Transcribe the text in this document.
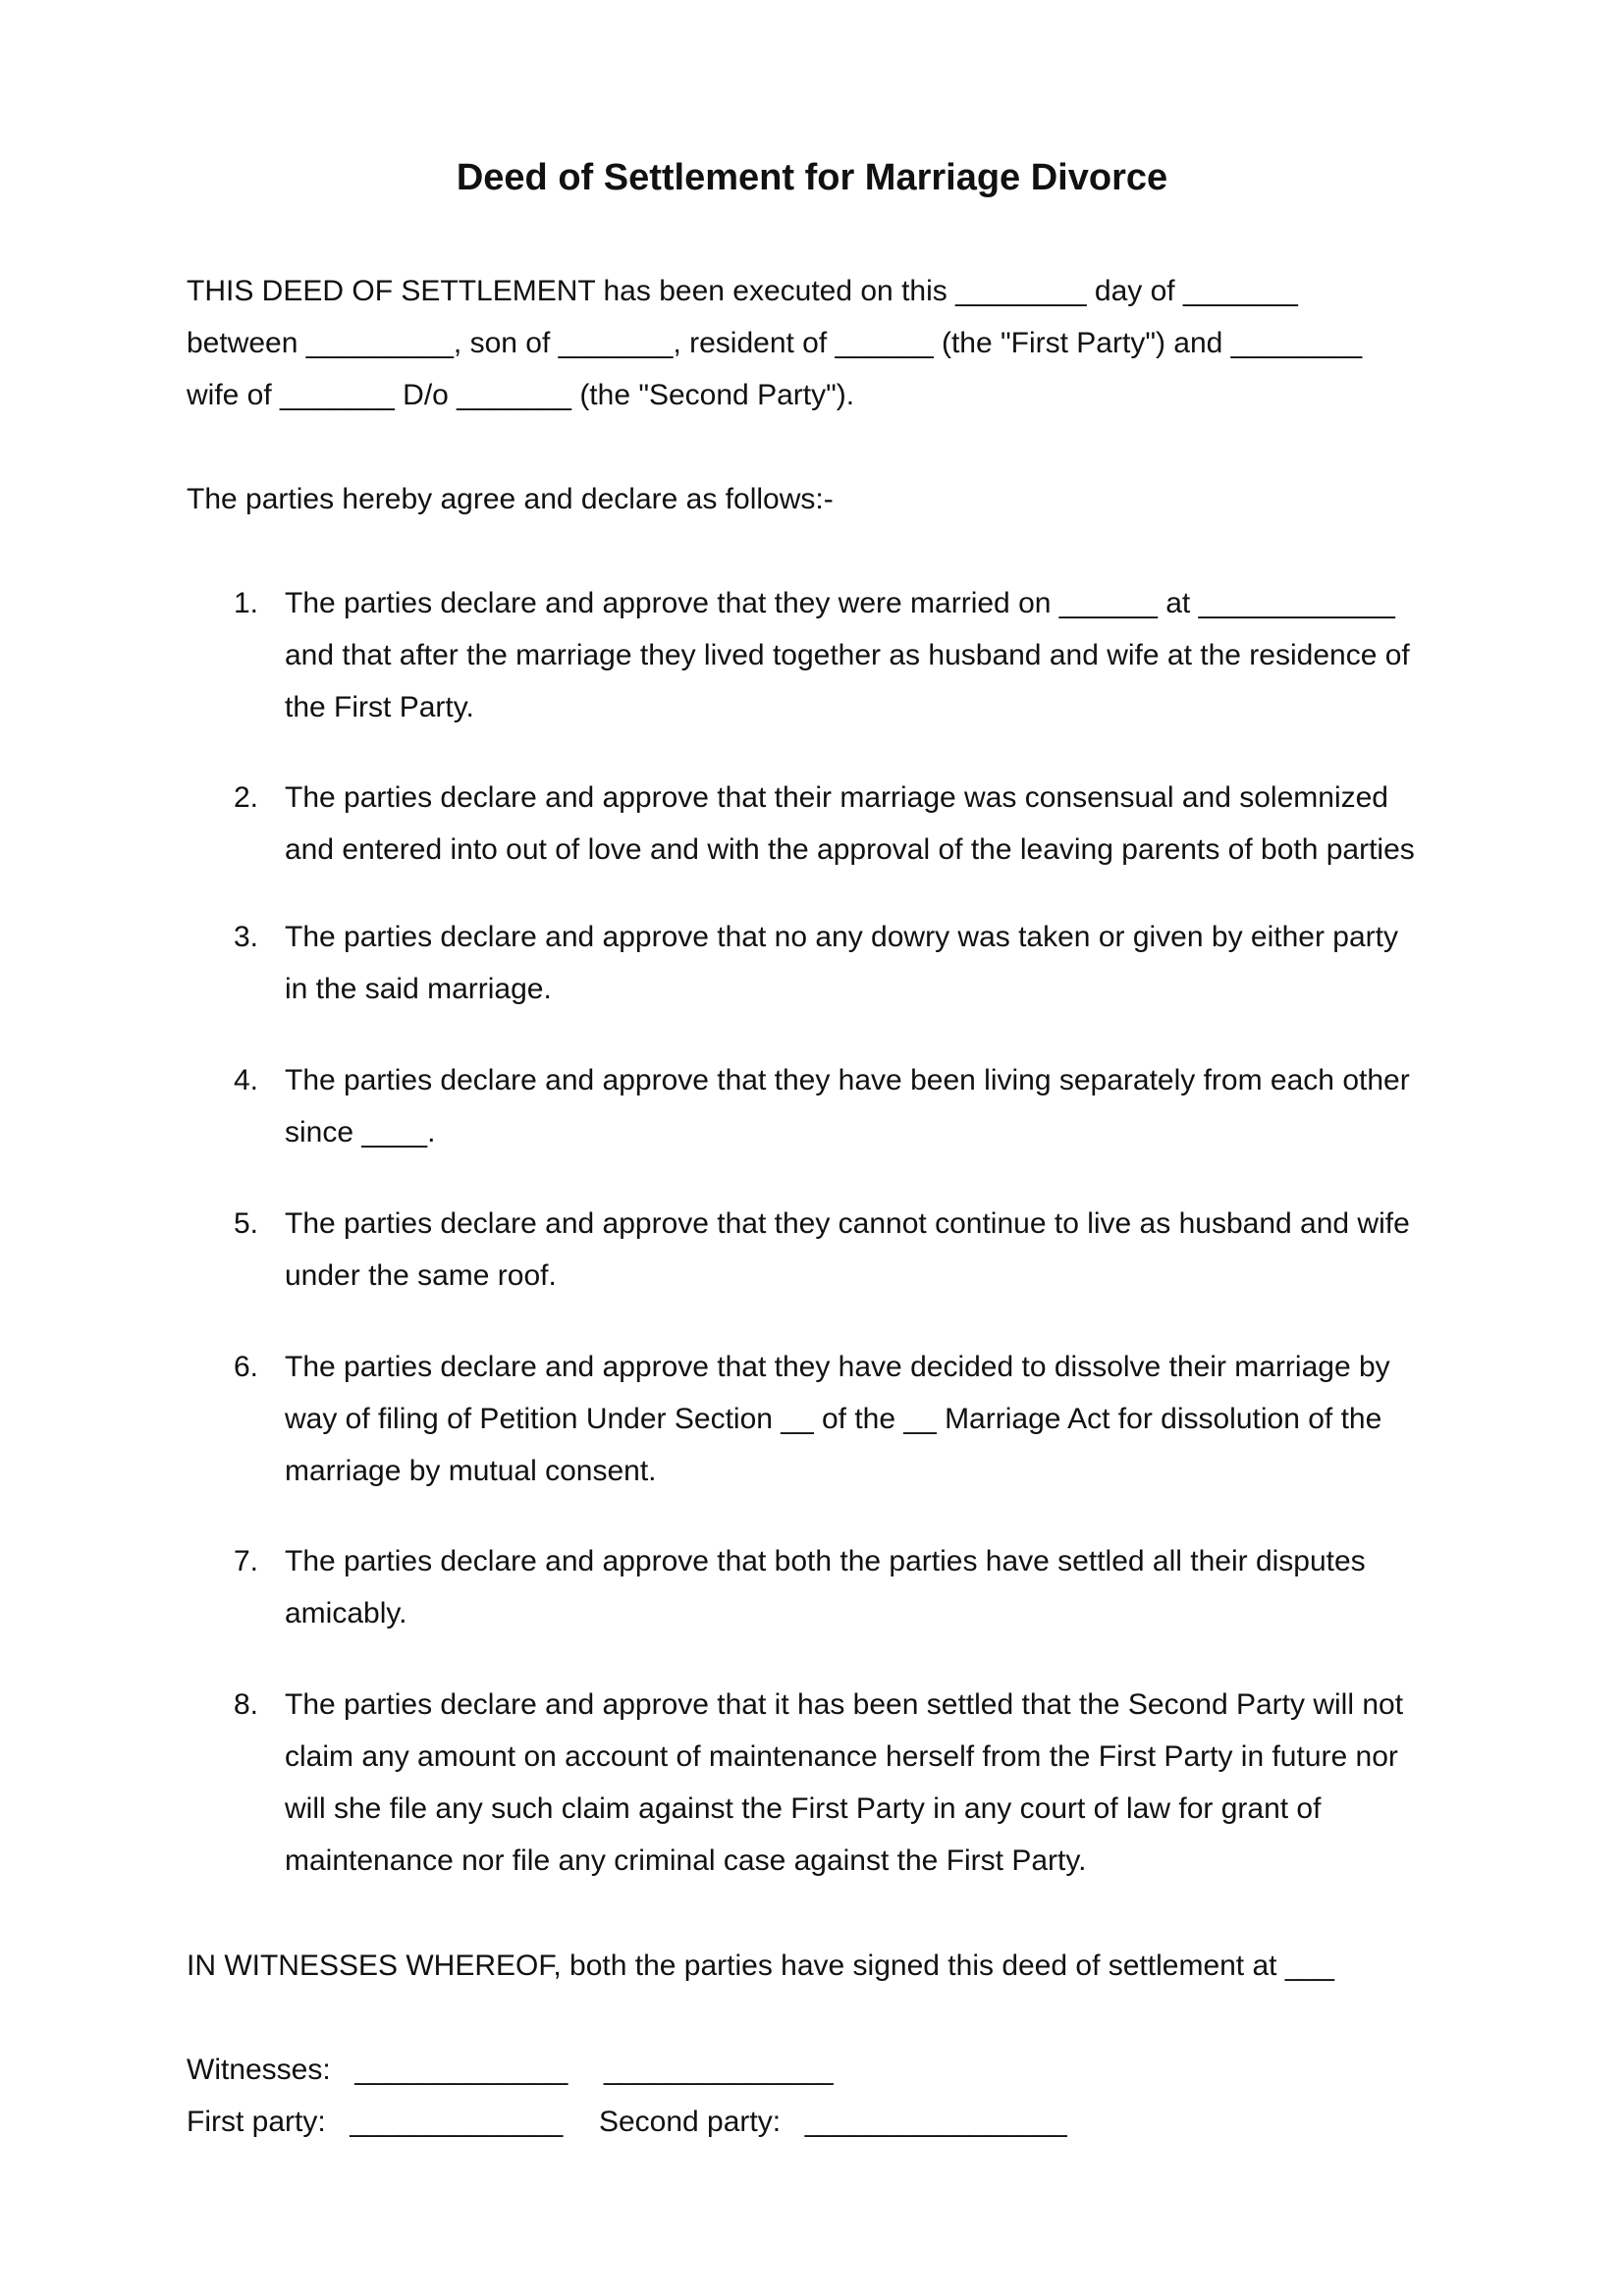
Deed of Settlement for Marriage Divorce
THIS DEED OF SETTLEMENT has been executed on this ________ day of _______
between _________, son of _______, resident of ______ (the "First Party") and ________
wife of _______ D/o _______ (the "Second Party").
The parties hereby agree and declare as follows:-
1. The parties declare and approve that they were married on ______ at ____________
and that after the marriage they lived together as husband and wife at the residence of
the First Party.
2. The parties declare and approve that their marriage was consensual and solemnized
and entered into out of love and with the approval of the leaving parents of both parties
3. The parties declare and approve that no any dowry was taken or given by either party
in the said marriage.
4. The parties declare and approve that they have been living separately from each other
since ____.
5. The parties declare and approve that they cannot continue to live as husband and wife
under the same roof.
6. The parties declare and approve that they have decided to dissolve their marriage by
way of filing of Petition Under Section __ of the __ Marriage Act for dissolution of the
marriage by mutual consent.
7. The parties declare and approve that both the parties have settled all their disputes
amicably.
8. The parties declare and approve that it has been settled that the Second Party will not
claim any amount on account of maintenance herself from the First Party in future nor
will she file any such claim against the First Party in any court of law for grant of
maintenance nor file any criminal case against the First Party.
IN WITNESSES WHEREOF, both the parties have signed this deed of settlement at ___
Witnesses: _____________ ______________
First party: _____________ Second party: ________________
